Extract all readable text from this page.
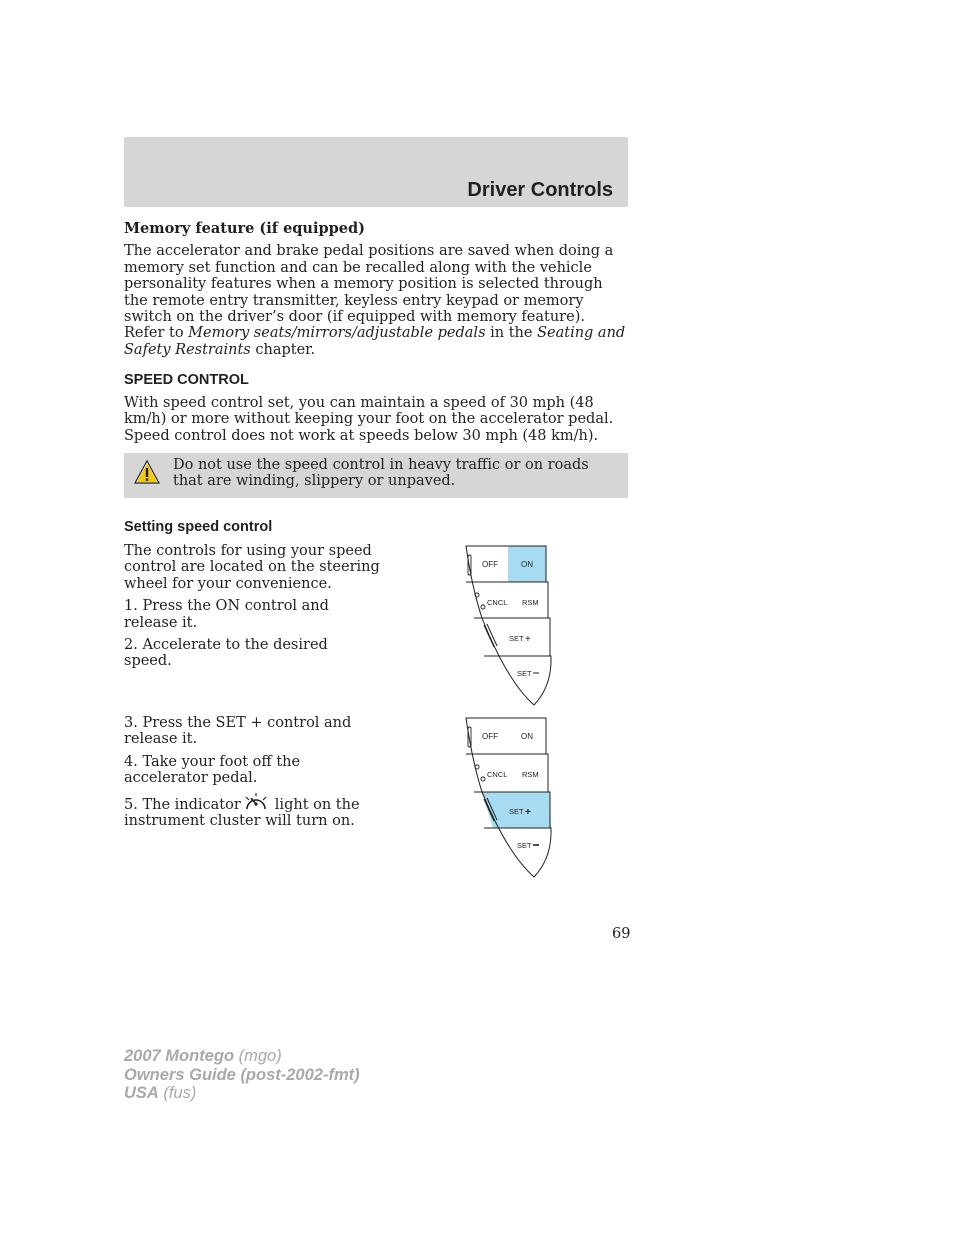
Driver Controls
Memory feature (if equipped)
The accelerator and brake pedal positions are saved when doing a memory set function and can be recalled along with the vehicle personality features when a memory position is selected through the remote entry transmitter, keyless entry keypad or memory switch on the driver’s door (if equipped with memory feature). Refer to Memory seats/mirrors/adjustable pedals in the Seating and Safety Restraints chapter.
SPEED CONTROL
With speed control set, you can maintain a speed of 30 mph (48 km/h) or more without keeping your foot on the accelerator pedal. Speed control does not work at speeds below 30 mph (48 km/h).
Do not use the speed control in heavy traffic or on roads that are winding, slippery or unpaved.
Setting speed control

The controls for using your speed control are located on the steering wheel for your convenience.

1. Press the ON control and release it.

2. Accelerate to the desired speed.

3. Press the SET + control and release it.

4. Take your foot off the accelerator pedal.

5. The indicator light on the instrument cluster will turn on.

OFF	ON
CNCL RSM
SET +
SET
OFF	ON
CNCL RSM
SET +
SET
69
2007 Montego (mgo)
Owners Guide (post-2002-fmt)
USA (fus)
